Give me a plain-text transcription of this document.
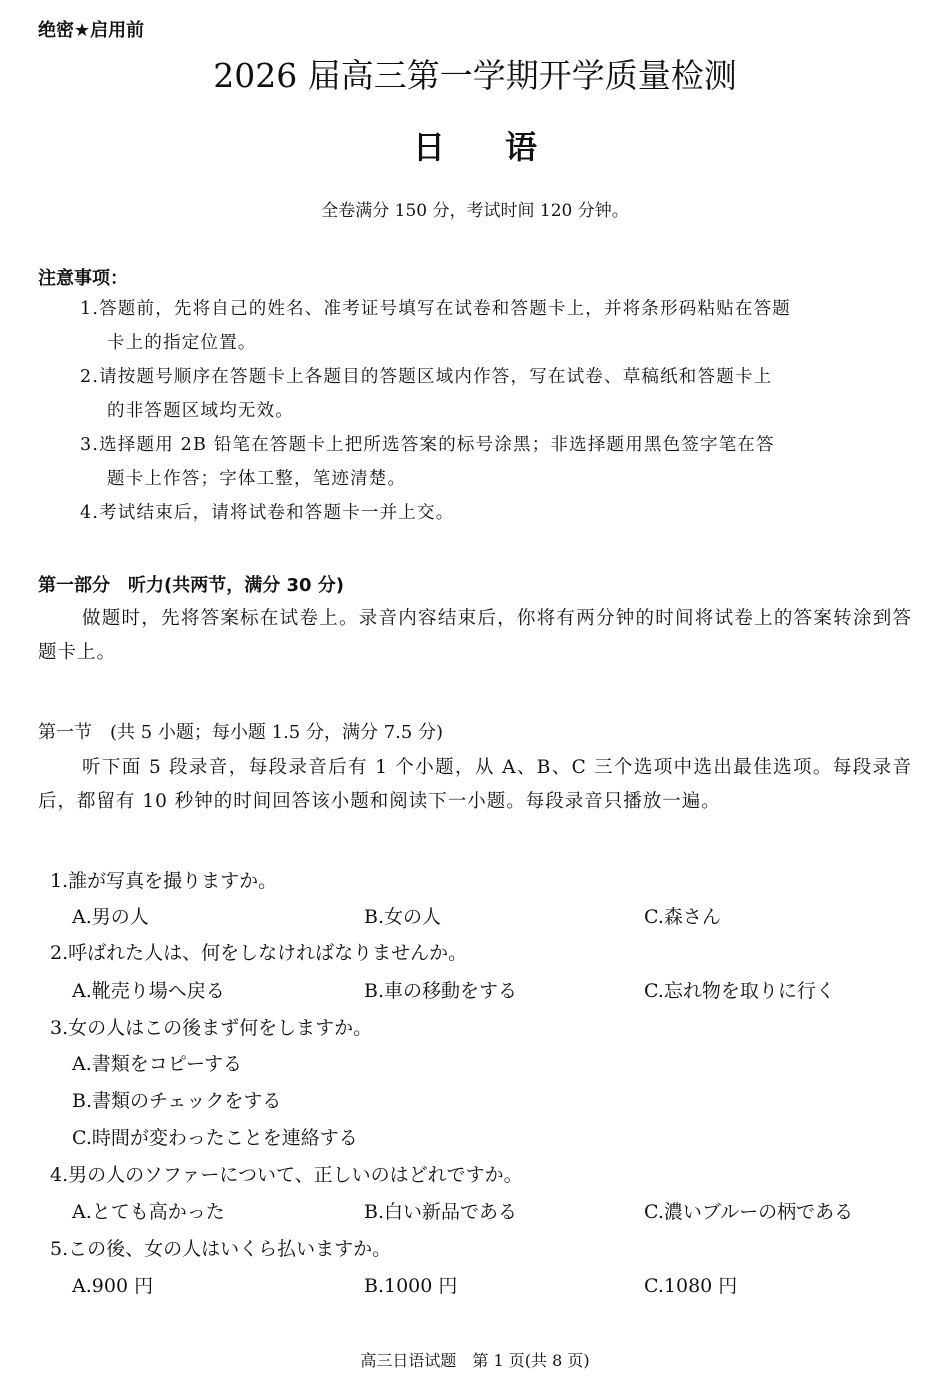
绝密★启用前
2026 届高三第一学期开学质量检测
日语
全卷满分 150 分，考试时间 120 分钟。
注意事项：
1.答题前，先将自己的姓名、准考证号填写在试卷和答题卡上，并将条形码粘贴在答题
卡上的指定位置。
2.请按题号顺序在答题卡上各题目的答题区域内作答，写在试卷、草稿纸和答题卡上
的非答题区域均无效。
3.选择题用 2B 铅笔在答题卡上把所选答案的标号涂黑；非选择题用黑色签字笔在答
题卡上作答；字体工整，笔迹清楚。
4.考试结束后，请将试卷和答题卡一并上交。
第一部分　听力(共两节，满分 30 分)
做题时，先将答案标在试卷上。录音内容结束后，你将有两分钟的时间将试卷上的答案转涂到答题卡上。
第一节　(共 5 小题；每小题 1.5 分，满分 7.5 分)
听下面 5 段录音，每段录音后有 1 个小题，从 A、B、C 三个选项中选出最佳选项。每段录音后，都留有 10 秒钟的时间回答该小题和阅读下一小题。每段录音只播放一遍。
1.誰が写真を撮りますか。
A.男の人	B.女の人	C.森さん
2.呼ばれた人は、何をしなければなりませんか。
A.靴売り場へ戻る	B.車の移動をする	C.忘れ物を取りに行く
3.女の人はこの後まず何をしますか。
A.書類をコピーする
B.書類のチェックをする
C.時間が変わったことを連絡する
4.男の人のソファーについて、正しいのはどれですか。
A.とても高かった	B.白い新品である	C.濃いブルーの柄である
5.この後、女の人はいくら払いますか。
A.900 円	B.1000 円	C.1080 円
高三日语试题　第 1 页(共 8 页)
